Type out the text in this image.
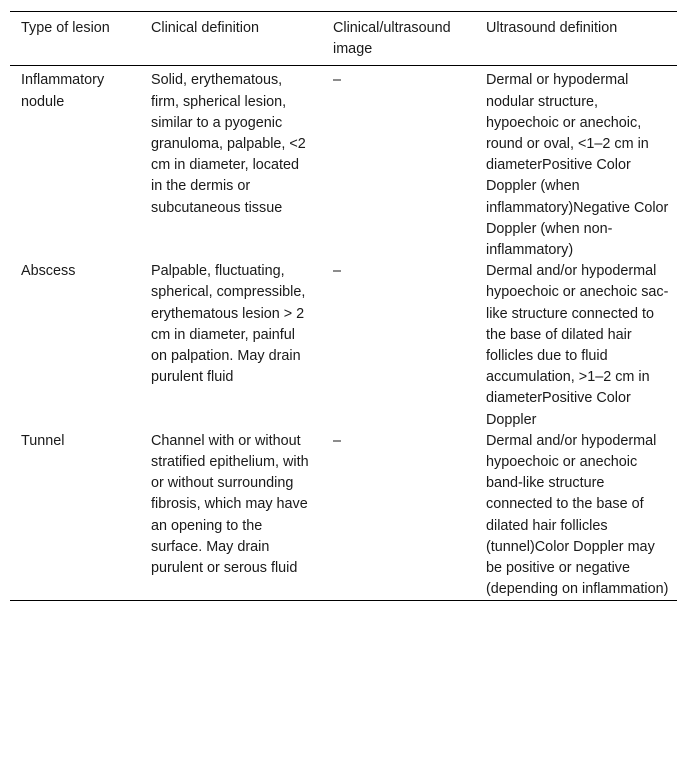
Type of lesion	Clinical definition	Clinical/ultrasound image	Ultrasound definition
Inflammatory nodule	Solid, erythematous, firm, spherical lesion, similar to a pyogenic granuloma, palpable, <2 cm in diameter, located in the dermis or subcutaneous tissue	–	Dermal or hypodermal nodular structure, hypoechoic or anechoic, round or oval, <1–2 cm in diameterPositive Color Doppler (when inflammatory)Negative Color Doppler (when non-inflammatory)
Abscess	Palpable, fluctuating, spherical, compressible, erythematous lesion > 2 cm in diameter, painful on palpation. May drain purulent fluid	–	Dermal and/or hypodermal hypoechoic or anechoic sac-like structure connected to the base of dilated hair follicles due to fluid accumulation, >1–2 cm in diameterPositive Color Doppler
Tunnel	Channel with or without stratified epithelium, with or without surrounding fibrosis, which may have an opening to the surface. May drain purulent or serous fluid	–	Dermal and/or hypodermal hypoechoic or anechoic band-like structure connected to the base of dilated hair follicles (tunnel)Color Doppler may be positive or negative (depending on inflammation)
